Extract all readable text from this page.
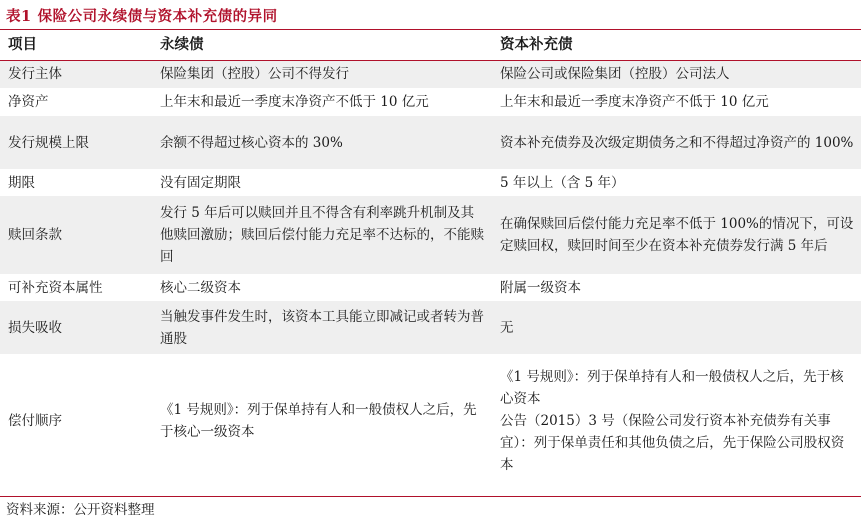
表1 保险公司永续债与资本补充债的异同
项目	永续债	资本补充债
发行主体	保险集团（控股）公司不得发行	保险公司或保险集团（控股）公司法人
净资产	上年末和最近一季度末净资产不低于 10 亿元	上年末和最近一季度末净资产不低于 10 亿元
发行规模上限	余额不得超过核心资本的 30%	资本补充债券及次级定期债务之和不得超过净资产的 100%
期限	没有固定期限	5 年以上（含 5 年）
赎回条款	发行 5 年后可以赎回并且不得含有利率跳升机制及其他赎回激励；赎回后偿付能力充足率不达标的，不能赎回	在确保赎回后偿付能力充足率不低于 100%的情况下，可设定赎回权，赎回时间至少在资本补充债券发行满 5 年后
可补充资本属性	核心二级资本	附属一级资本
损失吸收	当触发事件发生时，该资本工具能立即减记或者转为普通股	无
偿付顺序	《1 号规则》：列于保单持有人和一般债权人之后，先于核心一级资本	《1 号规则》：列于保单持有人和一般债权人之后，先于核心资本
公告（2015）3 号（保险公司发行资本补充债券有关事宜）：列于保单责任和其他负债之后，先于保险公司股权资本
资料来源：公开资料整理
